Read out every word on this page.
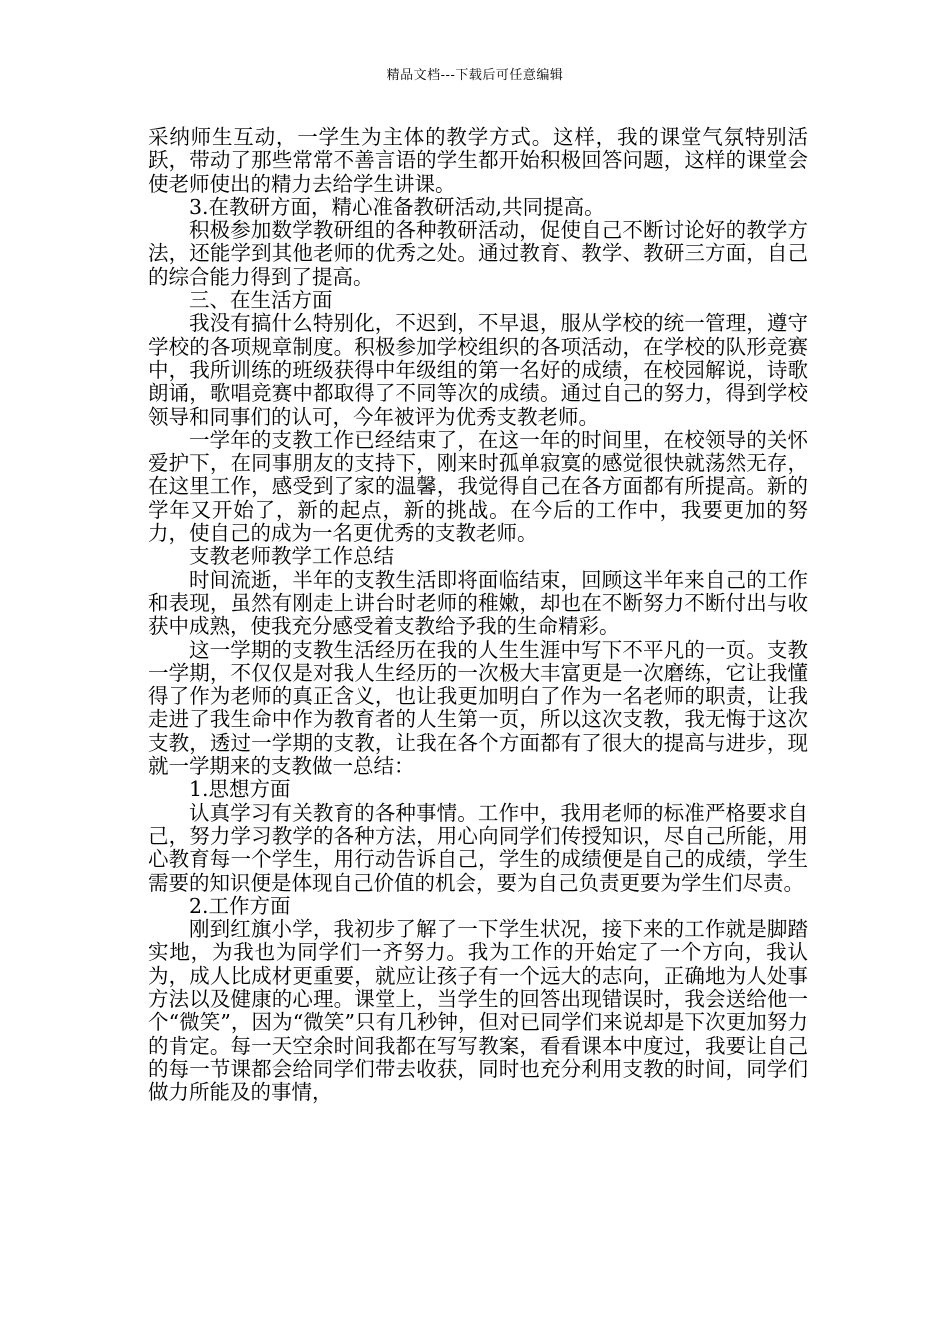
精品文档---下载后可任意编辑

采纳师生互动，一学生为主体的教学方式。这样，我的课堂气氛特别活跃，带动了那些常常不善言语的学生都开始积极回答问题，这样的课堂会使老师使出的精力去给学生讲课。

3.在教研方面，精心准备教研活动,共同提高。

积极参加数学教研组的各种教研活动，促使自己不断讨论好的教学方法，还能学到其他老师的优秀之处。通过教育、教学、教研三方面，自己的综合能力得到了提高。

三、在生活方面

我没有搞什么特别化，不迟到，不早退，服从学校的统一管理，遵守学校的各项规章制度。积极参加学校组织的各项活动，在学校的队形竞赛中，我所训练的班级获得中年级组的第一名好的成绩，在校园解说，诗歌朗诵，歌唱竞赛中都取得了不同等次的成绩。通过自己的努力，得到学校领导和同事们的认可，今年被评为优秀支教老师。

一学年的支教工作已经结束了，在这一年的时间里，在校领导的关怀爱护下，在同事朋友的支持下，刚来时孤单寂寞的感觉很快就荡然无存，在这里工作，感受到了家的温馨，我觉得自己在各方面都有所提高。新的学年又开始了，新的起点，新的挑战。在今后的工作中，我要更加的努力，使自己的成为一名更优秀的支教老师。

支教老师教学工作总结

时间流逝，半年的支教生活即将面临结束，回顾这半年来自己的工作和表现，虽然有刚走上讲台时老师的稚嫩，却也在不断努力不断付出与收获中成熟，使我充分感受着支教给予我的生命精彩。

这一学期的支教生活经历在我的人生生涯中写下不平凡的一页。支教一学期，不仅仅是对我人生经历的一次极大丰富更是一次磨练，它让我懂得了作为老师的真正含义，也让我更加明白了作为一名老师的职责，让我走进了我生命中作为教育者的人生第一页，所以这次支教，我无悔于这次支教，透过一学期的支教，让我在各个方面都有了很大的提高与进步，现就一学期来的支教做一总结：

1.思想方面

认真学习有关教育的各种事情。工作中，我用老师的标准严格要求自己，努力学习教学的各种方法，用心向同学们传授知识，尽自己所能，用心教育每一个学生，用行动告诉自己，学生的成绩便是自己的成绩，学生需要的知识便是体现自己价值的机会，要为自己负责更要为学生们尽责。

2.工作方面

刚到红旗小学，我初步了解了一下学生状况，接下来的工作就是脚踏实地，为我也为同学们一齐努力。我为工作的开始定了一个方向，我认为，成人比成材更重要，就应让孩子有一个远大的志向，正确地为人处事方法以及健康的心理。课堂上，当学生的回答出现错误时，我会送给他一个“微笑”，因为“微笑”只有几秒钟，但对已同学们来说却是下次更加努力的肯定。每一天空余时间我都在写写教案，看看课本中度过，我要让自己的每一节课都会给同学们带去收获，同时也充分利用支教的时间，同学们做力所能及的事情，
